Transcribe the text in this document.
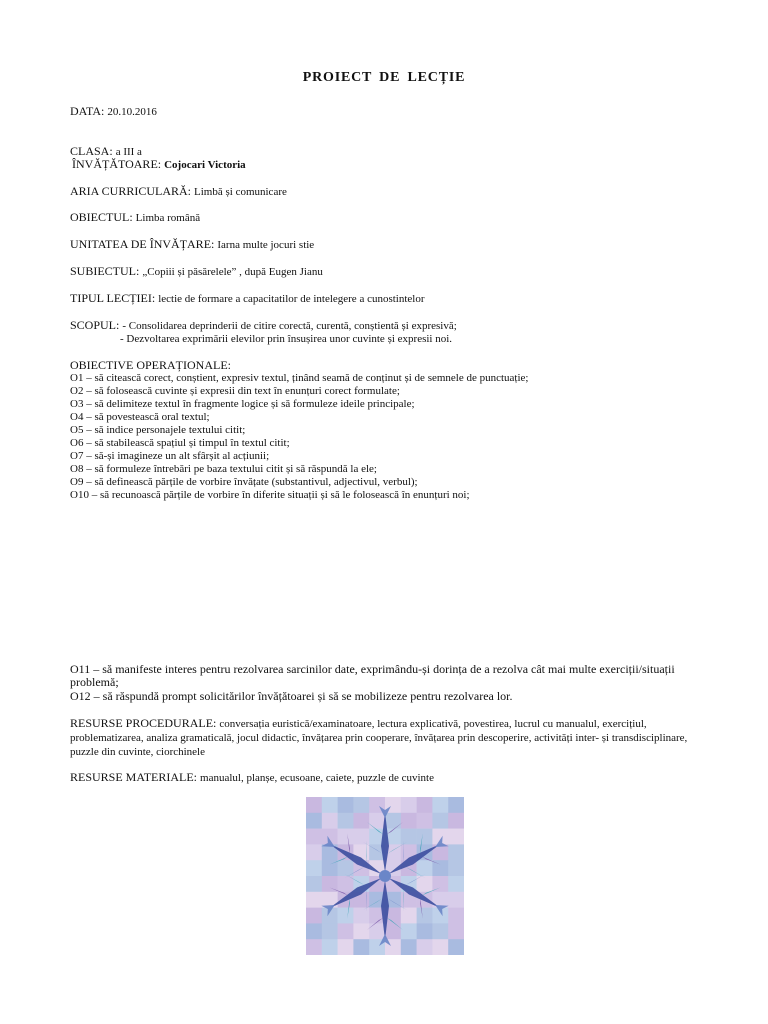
PROIECT DE LECȚIE
DATA: 20.10.2016
CLASA: a III a
ÎNVĂȚĂTOARE: Cojocari Victoria
ARIA CURRICULARĂ: Limbă și comunicare
OBIECTUL: Limba română
UNITATEA DE ÎNVĂȚARE: Iarna multe jocuri stie
SUBIECTUL: „Copiii și păsărelele” , după Eugen Jianu
TIPUL LECȚIEI: lectie de formare a capacitatilor de intelegere a cunostintelor
SCOPUL: - Consolidarea deprinderii de citire corectă, curentă, conștientă și expresivă;
- Dezvoltarea exprimării elevilor prin însușirea unor cuvinte și expresii noi.
OBIECTIVE OPERAȚIONALE:
O1 – să citească corect, conștient, expresiv textul, ținând seamă de conținut și de semnele de punctuație;
O2 – să folosească cuvinte și expresii din text în enunțuri corect formulate;
O3 – să delimiteze textul în fragmente logice și să formuleze ideile principale;
O4 – să povestească oral textul;
O5 – să indice personajele textului citit;
O6 – să stabilească spațiul și timpul în textul citit;
O7 – să-și imagineze un alt sfârșit al acțiunii;
O8 – să formuleze întrebări pe baza textului citit și să răspundă la ele;
O9 – să definească părțile de vorbire învățate (substantivul, adjectivul, verbul);
O10 – să recunoască părțile de vorbire în diferite situații și să le folosească în enunțuri noi;
O11 – să manifeste interes pentru rezolvarea sarcinilor date, exprimându-și dorința de a rezolva cât mai multe exerciții/situații problemă;
O12 – să răspundă prompt solicitărilor învățătoarei și să se mobilizeze pentru rezolvarea lor.
RESURSE PROCEDURALE: conversația euristică/examinatoare, lectura explicativă, povestirea, lucrul cu manualul, exercițiul, problematizarea, analiza gramaticală, jocul didactic, învățarea prin cooperare, învățarea prin descoperire, activități inter- și transdisciplinare, puzzle din cuvinte, ciorchinele
RESURSE MATERIALE: manualul, planșe, ecusoane, caiete, puzzle de cuvinte
